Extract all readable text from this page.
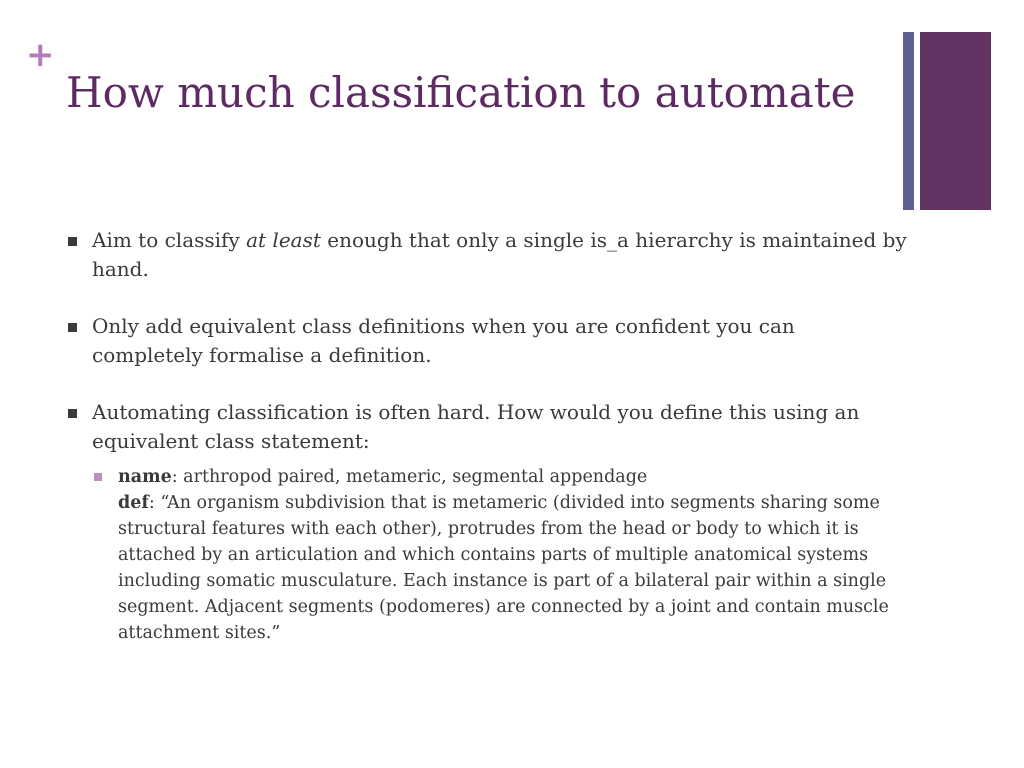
+
How much classification to automate
Aim to classify at least enough that only a single is_a hierarchy is maintained by hand.
Only add equivalent class definitions when you are confident you can completely formalise a definition.
Automating classification is often hard. How would you define this using an equivalent class statement:
name: arthropod paired, metameric, segmental appendage
def: “An organism subdivision that is metameric (divided into segments sharing some structural features with each other), protrudes from the head or body to which it is attached by an articulation and which contains parts of multiple anatomical systems including somatic musculature. Each instance is part of a bilateral pair within a single segment. Adjacent segments (podomeres) are connected by a joint and contain muscle attachment sites.”
